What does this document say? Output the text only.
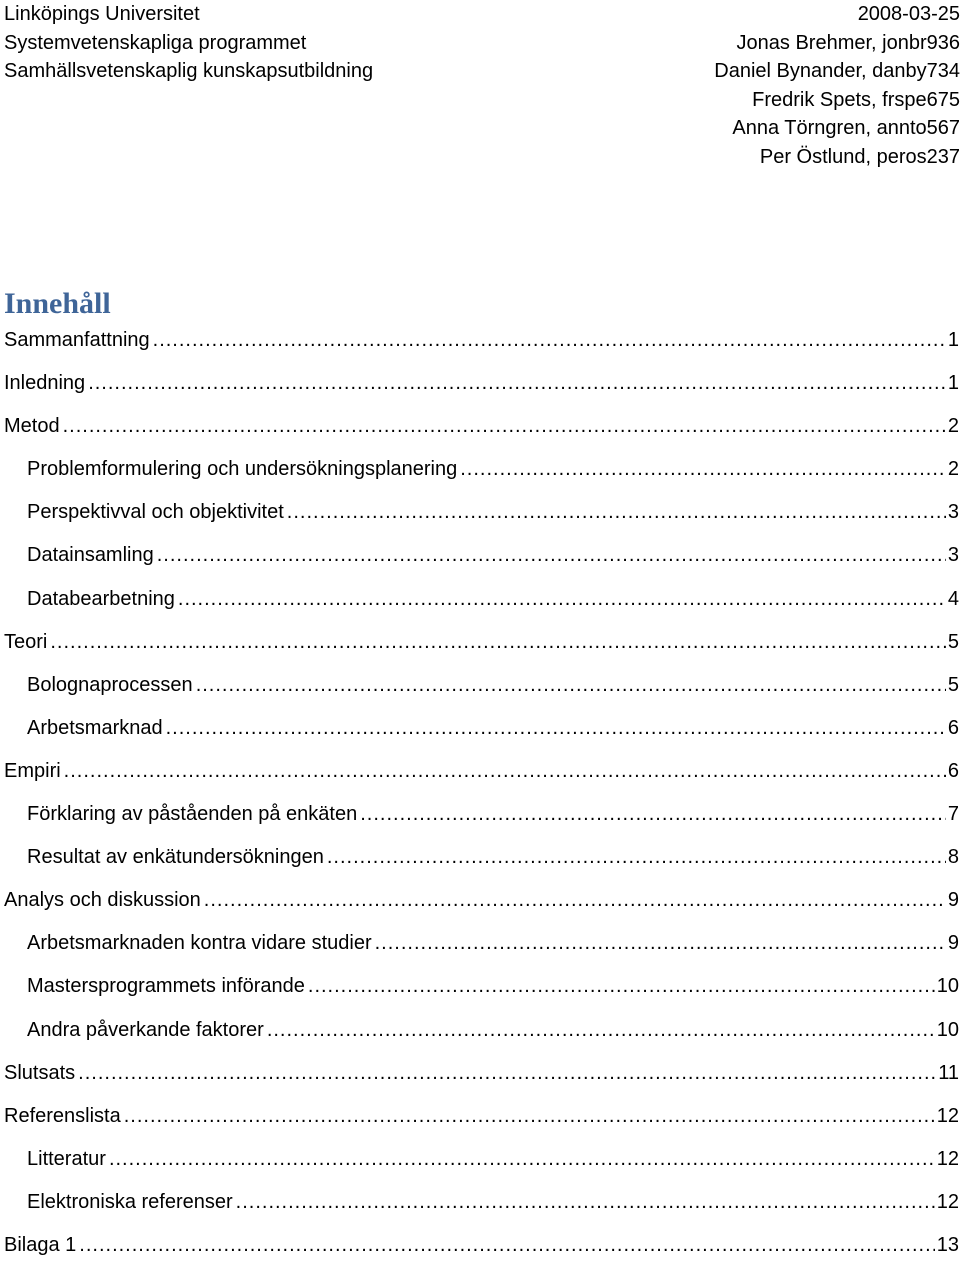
Linköpings Universitet
Systemvetenskapliga programmet
Samhällsvetenskaplig kunskapsutbildning
2008-03-25
Jonas Brehmer, jonbr936
Daniel Bynander, danby734
Fredrik Spets, frspe675
Anna Törngren, annto567
Per Östlund, peros237
Innehåll
Sammanfattning .....	1
Inledning .....	1
Metod .....	2
Problemformulering och undersökningsplanering .....	2
Perspektivval och objektivitet .....	3
Datainsamling .....	3
Databearbetning .....	4
Teori .....	5
Bolognaprocessen .....	5
Arbetsmarknad .....	6
Empiri .....	6
Förklaring av påståenden på enkäten .....	7
Resultat av enkätundersökningen .....	8
Analys och diskussion .....	9
Arbetsmarknaden kontra vidare studier .....	9
Mastersprogrammets införande .....	10
Andra påverkande faktorer .....	10
Slutsats .....	11
Referenslista .....	12
Litteratur .....	12
Elektroniska referenser .....	12
Bilaga 1 .....	13
